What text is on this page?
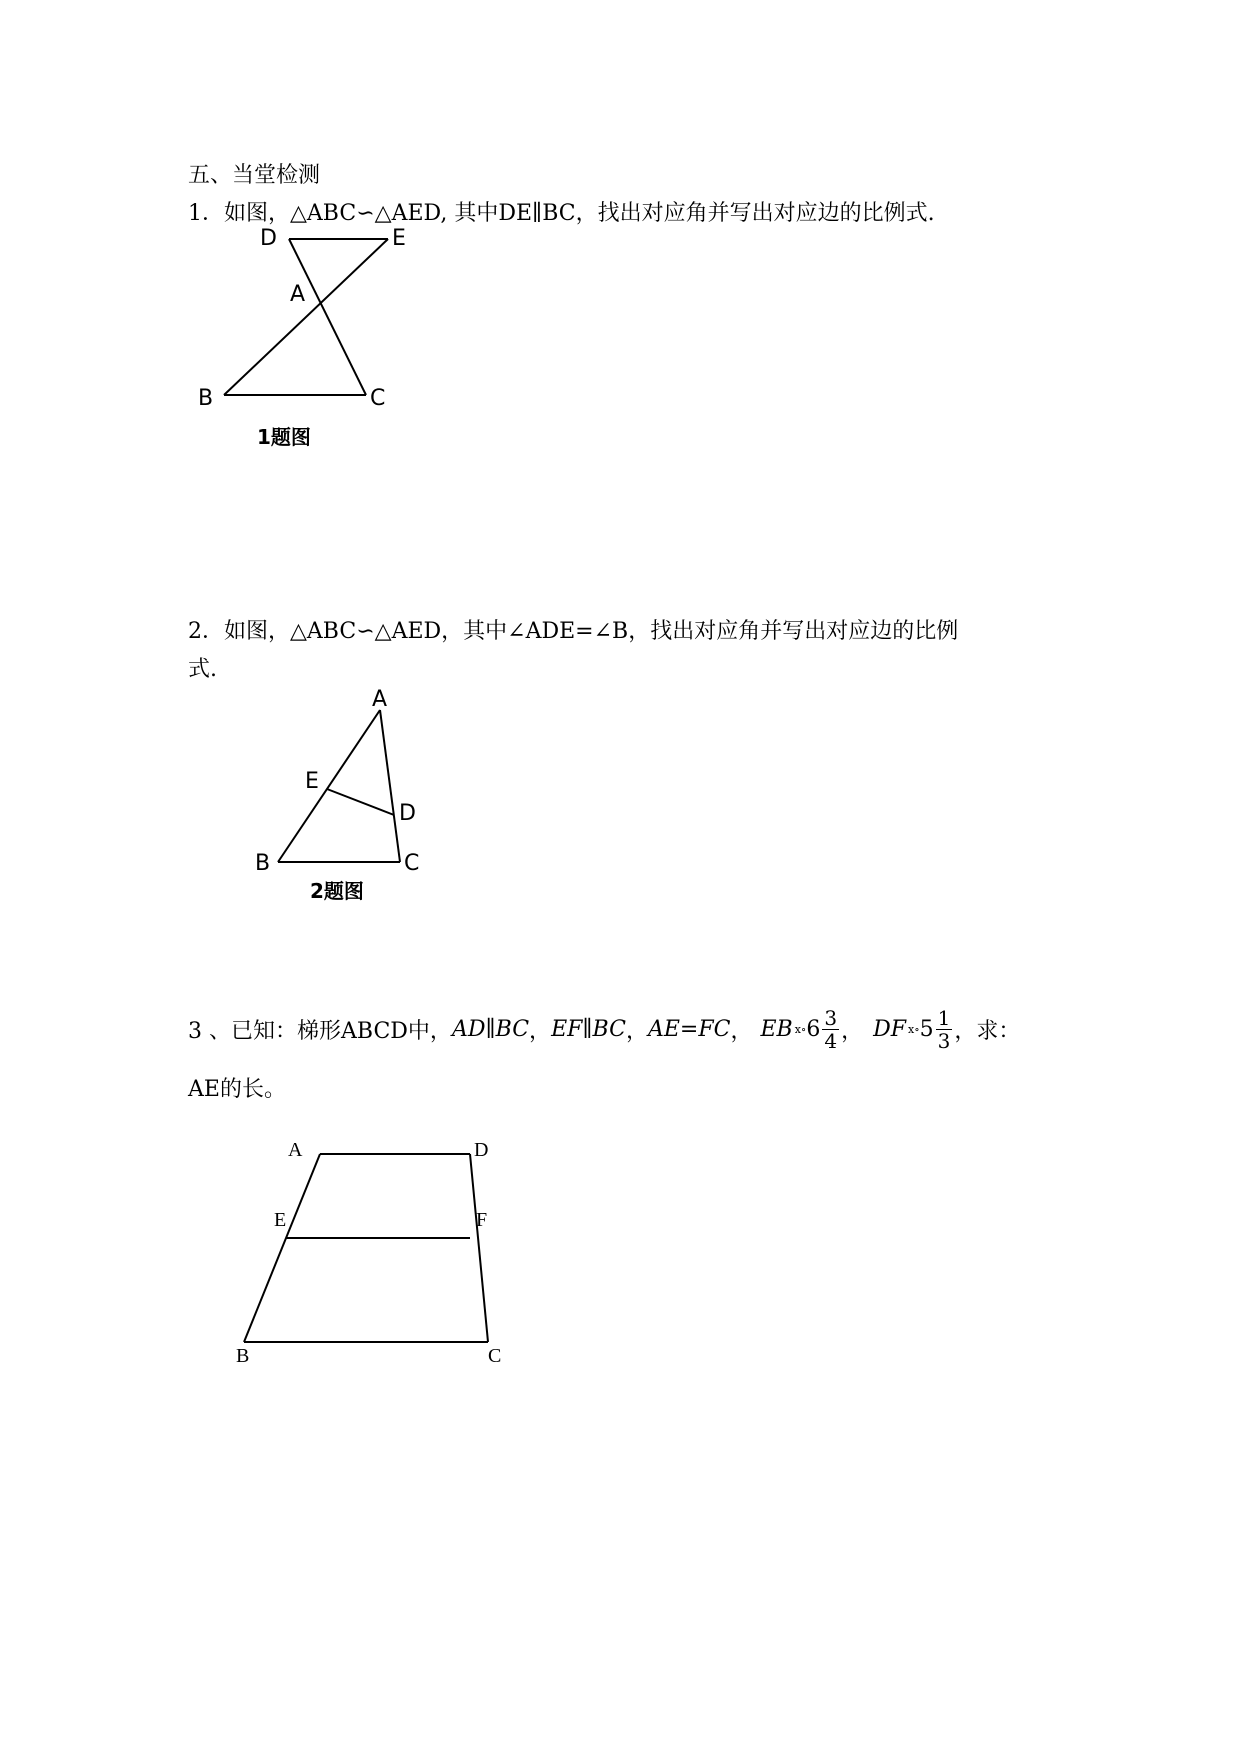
五、当堂检测
1．如图，△ABC∽△AED, 其中DE∥BC，找出对应角并写出对应边的比例式.
D	E
A
B	C
1题图
2．如图，△ABC∽△AED，其中∠ADE=∠B，找出对应角并写出对应边的比例
式.
A
E
D
B	C
2题图
3 、已知：梯形ABCD中， AD∥BC ， EF∥BC ， AE=FC ， EB ⅹ∘ $6 \frac{3}{4}$ ， DF ⅹ∘ $5 \frac{1}{3}$ ，求：
AE的长。
A	D
E	F
B	C
